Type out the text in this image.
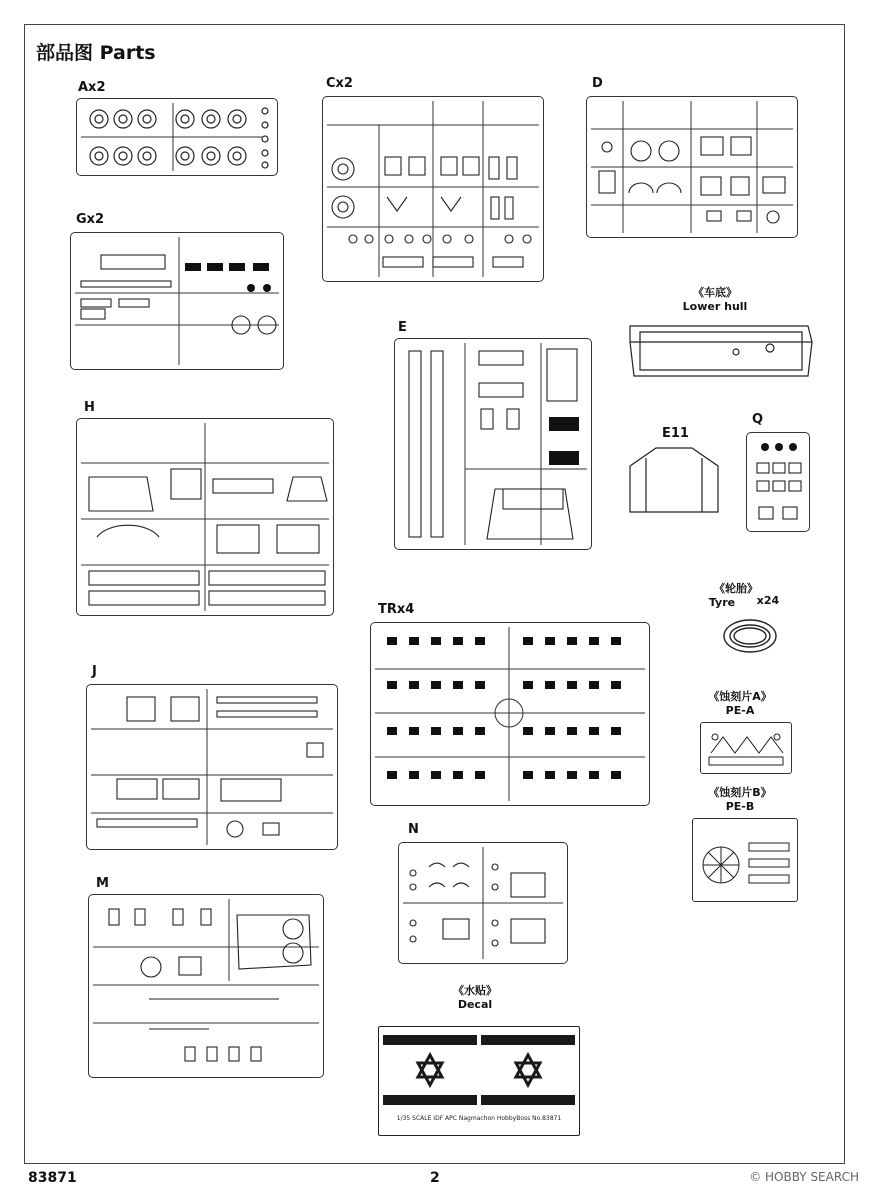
部品图 Parts
Ax2	Cx2	D
Gx2
《车底》
Lower hull
E
H
E11
Q
《轮胎》
Tyre	x24
TRx4
《蚀刻片A》
PE-A
《蚀刻片B》
PE-B
J
N
M
《水贴》
Decal
1/35 SCALE IDF APC Nagmachon HobbyBoss No.83871
83871	2	© HOBBY SEARCH
